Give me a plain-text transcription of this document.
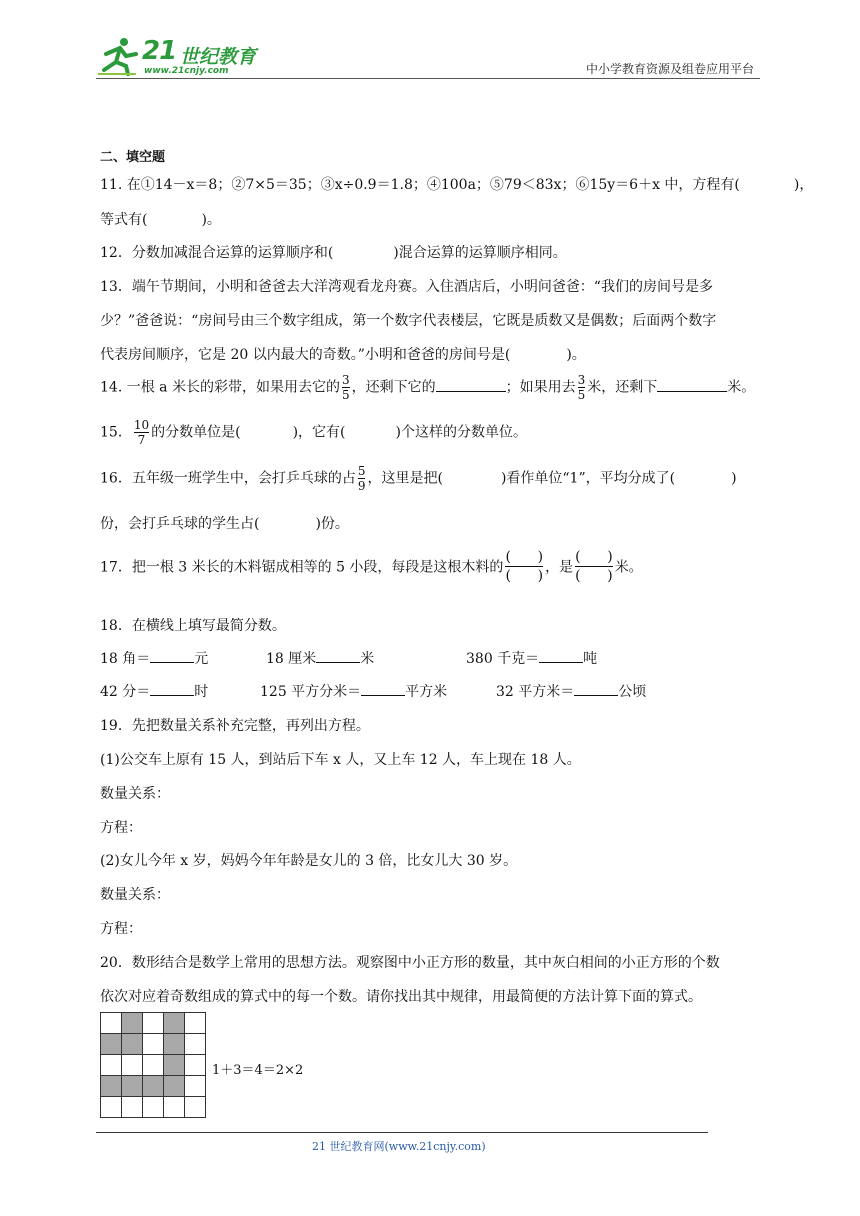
21 世纪教育
www.21cnjy.com	中小学教育资源及组卷应用平台
二、填空题
11. 在①14－x＝8；②7×5＝35；③x÷0.9＝1.8；④100a；⑤79＜83x；⑥15y＝6＋x 中，方程有(	)，
等式有(	)。
12．分数加减混合运算的运算顺序和(	)混合运算的运算顺序相同。
13．端午节期间，小明和爸爸去大洋湾观看龙舟赛。入住酒店后，小明问爸爸：“我们的房间号是多
少？”爸爸说：“房间号由三个数字组成，第一个数字代表楼层，它既是质数又是偶数；后面两个数字
代表房间顺序，它是 20 以内最大的奇数。”小明和爸爸的房间号是(	)。
14. 一根 a 米长的彩带，如果用去它的 $\frac{3}{5}$ ，还剩下它的	；如果用去 $\frac{3}{5}$ 米，还剩下	米。
15． $\frac{10}{7}$ 的分数单位是(	)，它有(	)个这样的分数单位。
16．五年级一班学生中，会打乒乓球的占 $\frac{5}{9}$ ，这里是把(	)看作单位“1”，平均分成了(	)
份，会打乒乓球的学生占(	)份。
17．把一根 3 米长的木料锯成相等的 5 小段，每段是这根木料的
(      )
(      )
，是
(      )
(      )
米。
18．在横线上填写最简分数。
18 角＝	元	18 厘米	米	380 千克＝	吨
42 分＝	时	125 平方分米＝	平方米	32 平方米＝	公顷
19．先把数量关系补充完整，再列出方程。
(1)公交车上原有 15 人，到站后下车 x 人，又上车 12 人，车上现在 18 人。
数量关系：
方程：
(2)女儿今年 x 岁，妈妈今年年龄是女儿的 3 倍，比女儿大 30 岁。
数量关系：
方程：
20．数形结合是数学上常用的思想方法。观察图中小正方形的数量，其中灰白相间的小正方形的个数
依次对应着奇数组成的算式中的每一个数。请你找出其中规律，用最简便的方法计算下面的算式。

1＋3＝4＝2×2
21 世纪教育网(www.21cnjy.com)
